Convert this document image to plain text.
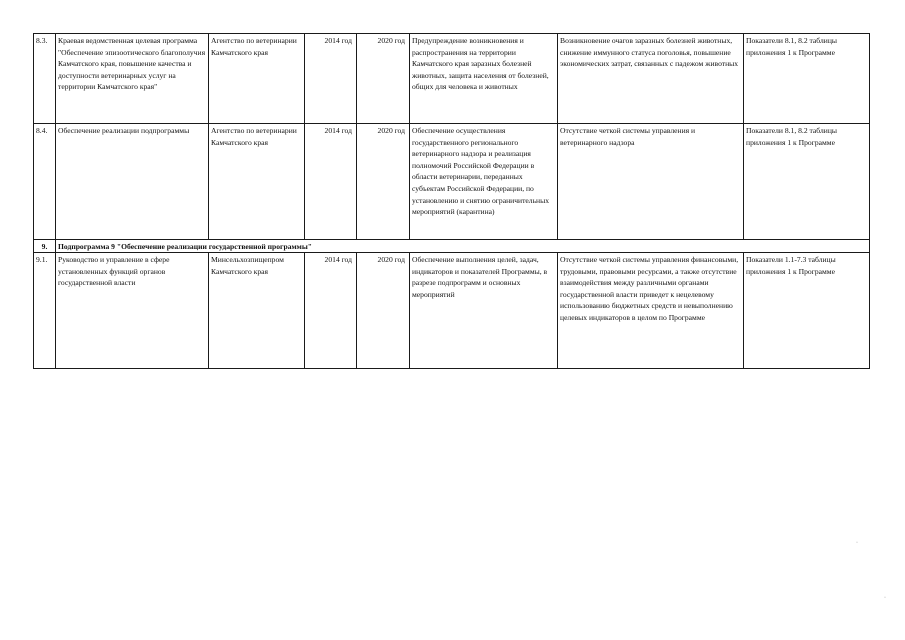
8.3.	Краевая ведомственная целевая программа "Обеспечение эпизоотического благополучия Камчатского края, повышение качества и доступности ветеринарных услуг на территории Камчатского края"	Агентство по ветеринарии Камчатского края	2014 год	2020 год	Предупреждение возникновения и распространения на территории Камчатского края заразных болезней животных, защита населения от болезней, общих для человека и животных	Возникновение очагов заразных болезней животных, снижение иммунного статуса поголовья, повышение экономических затрат, связанных с падежом животных	Показатели 8.1, 8.2 таблицы приложения 1 к Программе
8.4.	Обеспечение реализации подпрограммы	Агентство по ветеринарии Камчатского края	2014 год	2020 год	Обеспечение осуществления государственного регионального ветеринарного надзора и реализация полномочий Российской Федерации в области ветеринарии, переданных субъектам Российской Федерации, по установлению и снятию ограничительных мероприятий (карантина)	Отсутствие четкой системы управления и ветеринарного надзора	Показатели 8.1, 8.2 таблицы приложения 1 к Программе
9.	Подпрограмма 9 "Обеспечение реализации государственной программы"						
9.1.	Руководство и управление в сфере установленных функций органов государственной власти	Минсельхозпищепром Камчатского края	2014 год	2020 год	Обеспечение выполнения целей, задач, индикаторов и показателей Программы, в разрезе подпрограмм и основных мероприятий	Отсутствие четкой системы управления финансовыми, трудовыми, правовыми ресурсами, а также отсутствие взаимодействия между различными органами государственной власти приведет к нецелевому использованию бюджетных средств и невыполнению целевых индикаторов в целом по Программе	Показатели 1.1-7.3 таблицы приложения 1 к Программе
·
·
·
